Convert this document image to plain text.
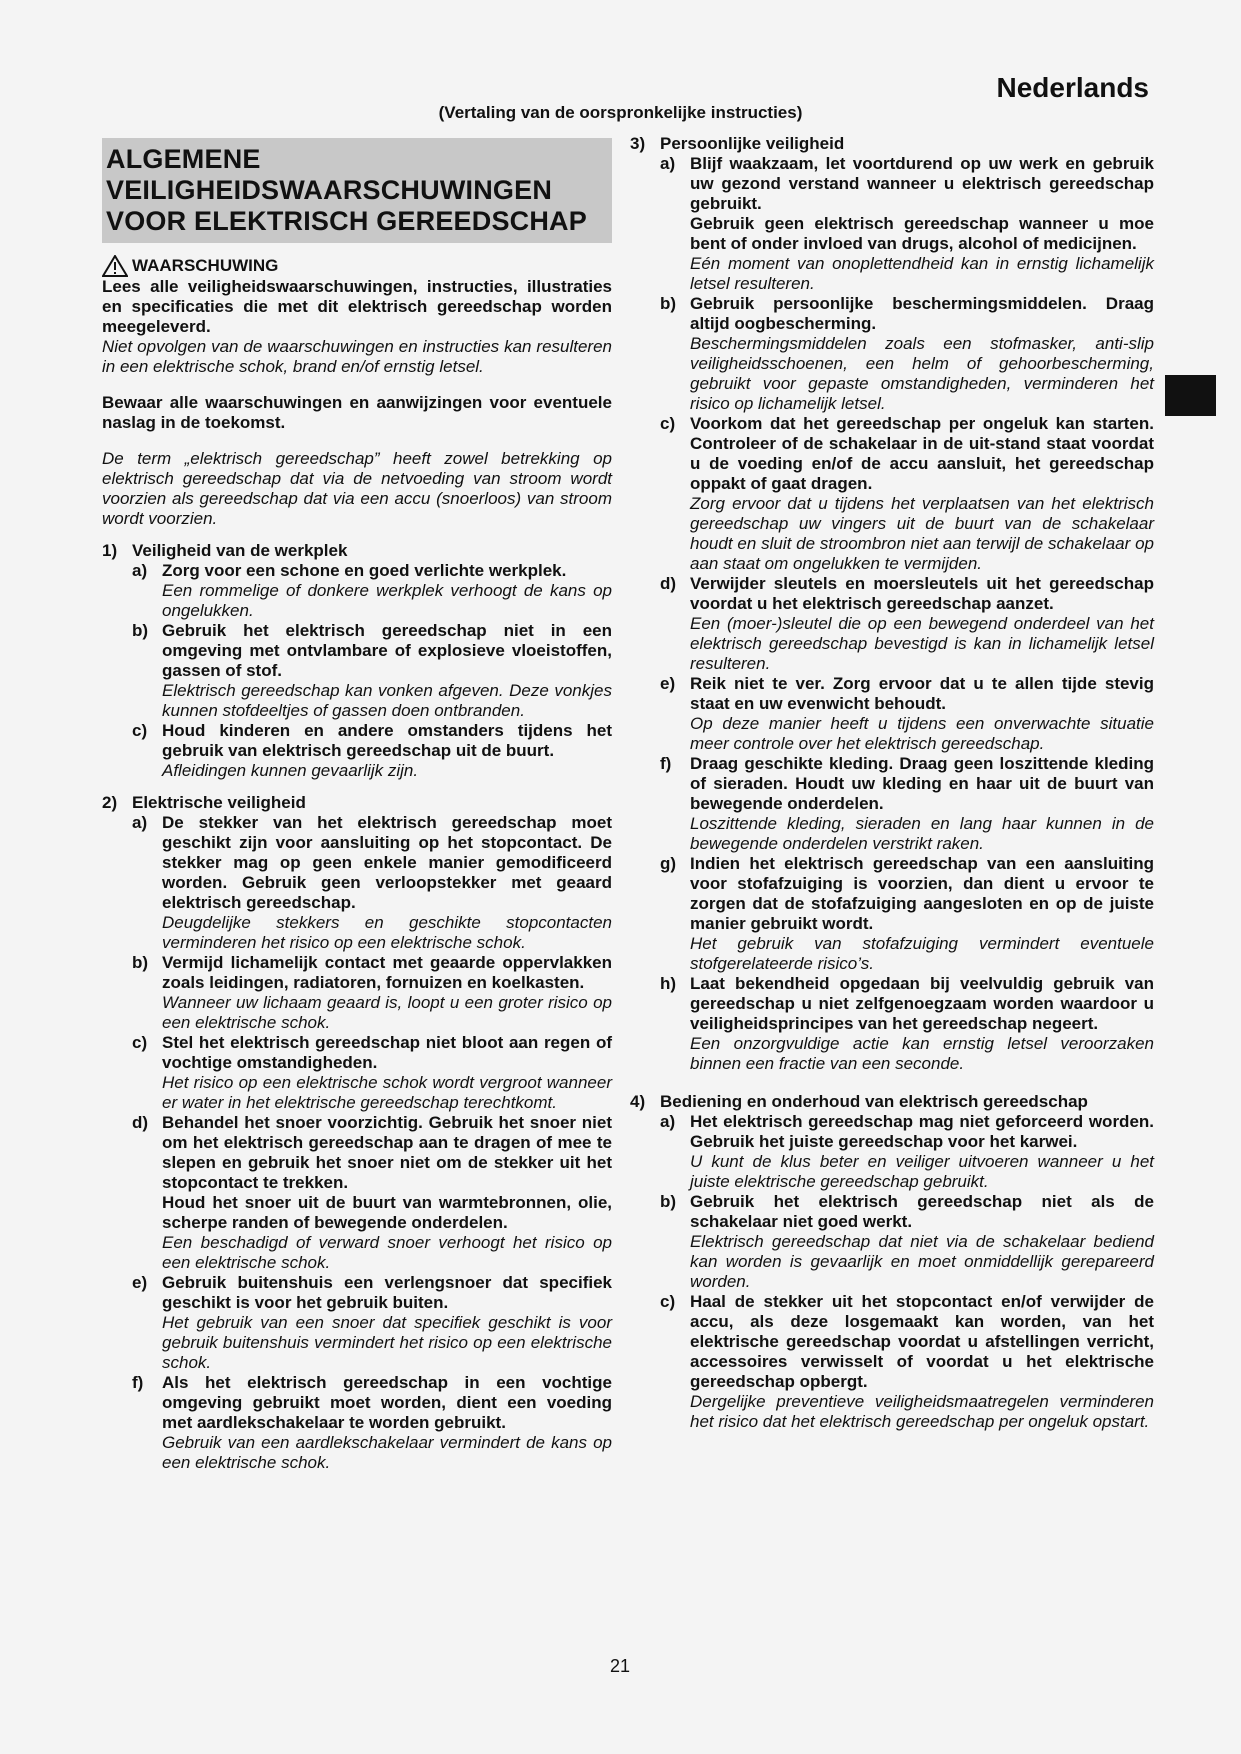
Nederlands
(Vertaling van de oorspronkelijke instructies)
ALGEMENE
VEILIGHEIDSWAARSCHUWINGEN
VOOR ELEKTRISCH GEREEDSCHAP
WAARSCHUWING
Lees alle veiligheidswaarschuwingen, instructies, illustraties en specificaties die met dit elektrisch gereedschap worden meegeleverd.
Niet opvolgen van de waarschuwingen en instructies kan resulteren in een elektrische schok, brand en/of ernstig letsel.
Bewaar alle waarschuwingen en aanwijzingen voor eventuele naslag in de toekomst.
De term „elektrisch gereedschap” heeft zowel betrekking op elektrisch gereedschap dat via de netvoeding van stroom wordt voorzien als gereedschap dat via een accu (snoerloos) van stroom wordt voorzien.
1) Veiligheid van de werkplek
a) Zorg voor een schone en goed verlichte werkplek.
Een rommelige of donkere werkplek verhoogt de kans op ongelukken.
b) Gebruik het elektrisch gereedschap niet in een omgeving met ontvlambare of explosieve vloeistoffen, gassen of stof.
Elektrisch gereedschap kan vonken afgeven. Deze vonkjes kunnen stofdeeltjes of gassen doen ontbranden.
c) Houd kinderen en andere omstanders tijdens het gebruik van elektrisch gereedschap uit de buurt.
Afleidingen kunnen gevaarlijk zijn.
2) Elektrische veiligheid
a) De stekker van het elektrisch gereedschap moet geschikt zijn voor aansluiting op het stopcontact. De stekker mag op geen enkele manier gemodificeerd worden. Gebruik geen verloopstekker met geaard elektrisch gereedschap.
Deugdelijke stekkers en geschikte stopcontacten verminderen het risico op een elektrische schok.
b) Vermijd lichamelijk contact met geaarde oppervlakken zoals leidingen, radiatoren, fornuizen en koelkasten.
Wanneer uw lichaam geaard is, loopt u een groter risico op een elektrische schok.
c) Stel het elektrisch gereedschap niet bloot aan regen of vochtige omstandigheden.
Het risico op een elektrische schok wordt vergroot wanneer er water in het elektrische gereedschap terechtkomt.
d) Behandel het snoer voorzichtig. Gebruik het snoer niet om het elektrisch gereedschap aan te dragen of mee te slepen en gebruik het snoer niet om de stekker uit het stopcontact te trekken.
Houd het snoer uit de buurt van warmtebronnen, olie, scherpe randen of bewegende onderdelen.
Een beschadigd of verward snoer verhoogt het risico op een elektrische schok.
e) Gebruik buitenshuis een verlengsnoer dat specifiek geschikt is voor het gebruik buiten.
Het gebruik van een snoer dat specifiek geschikt is voor gebruik buitenshuis vermindert het risico op een elektrische schok.
f)	Als het elektrisch gereedschap in een vochtige omgeving gebruikt moet worden, dient een voeding met aardlekschakelaar te worden gebruikt.
Gebruik van een aardlekschakelaar vermindert de kans op een elektrische schok.
3) Persoonlijke veiligheid
a) Blijf waakzaam, let voortdurend op uw werk en gebruik uw gezond verstand wanneer u elektrisch gereedschap gebruikt.
Gebruik geen elektrisch gereedschap wanneer u moe bent of onder invloed van drugs, alcohol of medicijnen.
Eén moment van onoplettendheid kan in ernstig lichamelijk letsel resulteren.
b) Gebruik persoonlijke beschermingsmiddelen. Draag altijd oogbescherming.
Beschermingsmiddelen zoals een stofmasker, anti-slip veiligheidsschoenen, een helm of gehoorbescherming, gebruikt voor gepaste omstandigheden, verminderen het risico op lichamelijk letsel.
c) Voorkom dat het gereedschap per ongeluk kan starten. Controleer of de schakelaar in de uit-stand staat voordat u de voeding en/of de accu aansluit, het gereedschap oppakt of gaat dragen.
Zorg ervoor dat u tijdens het verplaatsen van het elektrisch gereedschap uw vingers uit de buurt van de schakelaar houdt en sluit de stroombron niet aan terwijl de schakelaar op aan staat om ongelukken te vermijden.
d) Verwijder sleutels en moersleutels uit het gereedschap voordat u het elektrisch gereedschap aanzet.
Een (moer-)sleutel die op een bewegend onderdeel van het elektrisch gereedschap bevestigd is kan in lichamelijk letsel resulteren.
e) Reik niet te ver. Zorg ervoor dat u te allen tijde stevig staat en uw evenwicht behoudt.
Op deze manier heeft u tijdens een onverwachte situatie meer controle over het elektrisch gereedschap.
f)	Draag geschikte kleding. Draag geen loszittende kleding of sieraden. Houdt uw kleding en haar uit de buurt van bewegende onderdelen.
Loszittende kleding, sieraden en lang haar kunnen in de bewegende onderdelen verstrikt raken.
g) Indien het elektrisch gereedschap van een aansluiting voor stofafzuiging is voorzien, dan dient u ervoor te zorgen dat de stofafzuiging aangesloten en op de juiste manier gebruikt wordt.
Het gebruik van stofafzuiging vermindert eventuele stofgerelateerde risico’s.
h) Laat bekendheid opgedaan bij veelvuldig gebruik van gereedschap u niet zelfgenoegzaam worden waardoor u veiligheidsprincipes van het gereedschap negeert.
Een onzorgvuldige actie kan ernstig letsel veroorzaken binnen een fractie van een seconde.
4) Bediening en onderhoud van elektrisch gereedschap
a) Het elektrisch gereedschap mag niet geforceerd worden. Gebruik het juiste gereedschap voor het karwei.
U kunt de klus beter en veiliger uitvoeren wanneer u het juiste elektrische gereedschap gebruikt.
b) Gebruik het elektrisch gereedschap niet als de schakelaar niet goed werkt.
Elektrisch gereedschap dat niet via de schakelaar bediend kan worden is gevaarlijk en moet onmiddellijk gerepareerd worden.
c) Haal de stekker uit het stopcontact en/of verwijder de accu, als deze losgemaakt kan worden, van het elektrische gereedschap voordat u afstellingen verricht, accessoires verwisselt of voordat u het elektrische gereedschap opbergt.
Dergelijke preventieve veiligheidsmaatregelen verminderen het risico dat het elektrisch gereedschap per ongeluk opstart.
21
